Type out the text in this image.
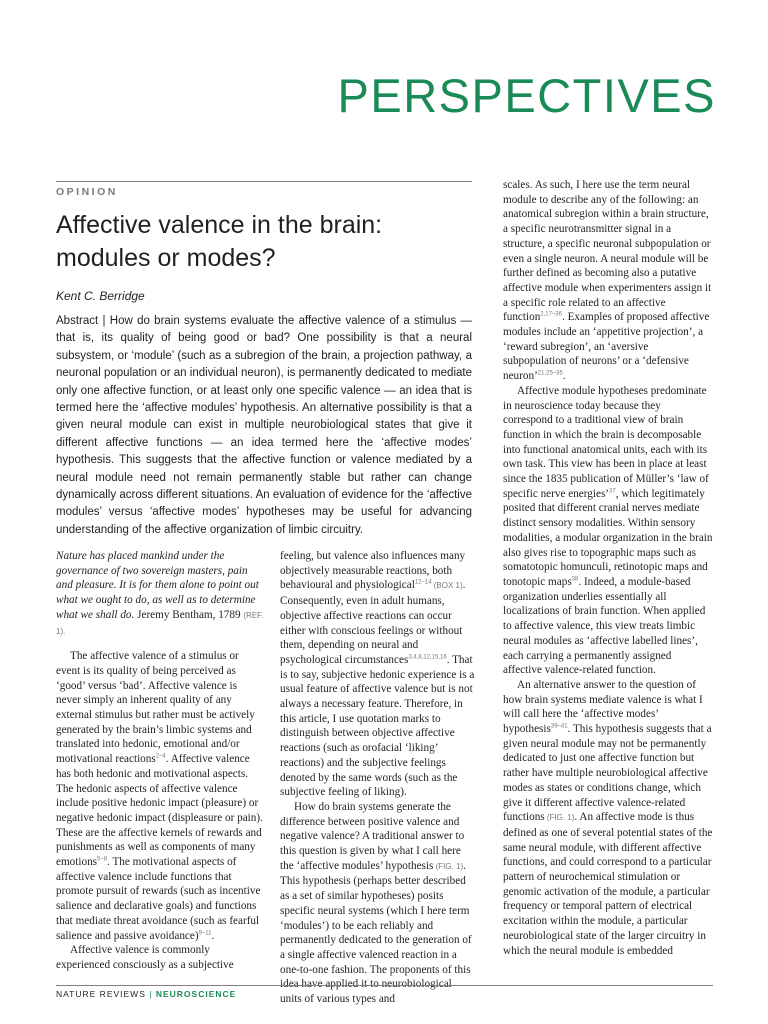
PERSPECTIVES
OPINION
Affective valence in the brain:
modules or modes?
Kent C. Berridge

Abstract | How do brain systems evaluate the affective valence of a stimulus — that is, its quality of being good or bad? One possibility is that a neural subsystem, or ‘module’ (such as a subregion of the brain, a projection pathway, a neuronal population or an individual neuron), is permanently dedicated to mediate only one affective function, or at least only one specific valence — an idea that is termed here the ‘affective modules’ hypothesis. An alternative possibility is that a given neural module can exist in multiple neurobiological states that give it different affective functions — an idea termed here the ‘affective modes’ hypothesis. This suggests that the affective function or valence mediated by a neural module need not remain permanently stable but rather can change dynamically across different situations. An evaluation of evidence for the ‘affective modules’ versus ‘affective modes’ hypotheses may be useful for advancing understanding of the affective organization of limbic circuitry.

Nature has placed mankind under the governance of two sovereign masters, pain and pleasure. It is for them alone to point out what we ought to do, as well as to determine what we shall do. Jeremy Bentham, 1789 (REF. 1).

The affective valence of a stimulus or event is its quality of being perceived as ‘good’ versus ‘bad’. Affective valence is never simply an inherent quality of any external stimulus but rather must be actively generated by the brain’s limbic systems and translated into hedonic, emotional and/or motivational reactions$^{2-4}$. Affective valence has both hedonic and motivational aspects. The hedonic aspects of affective valence include positive hedonic impact (pleasure) or negative hedonic impact (displeasure or pain). These are the affective kernels of rewards and punishments as well as components of many emotions$^{5-8}$. The motivational aspects of affective valence include functions that promote pursuit of rewards (such as incentive salience and declarative goals) and functions that mediate threat avoidance (such as fearful salience and passive avoidance)$^{9-11}$.

Affective valence is commonly experienced consciously as a subjective

feeling, but valence also influences many objectively measurable reactions, both behavioural and physiological$^{12-14}$ (BOX 1). Consequently, even in adult humans, objective affective reactions can occur either with conscious feelings or without them, depending on neural and psychological circumstances$^{3,4,8,12,15,16}$. That is to say, subjective hedonic experience is a usual feature of affective valence but is not always a necessary feature. Therefore, in this article, I use quotation marks to distinguish between objective affective reactions (such as orofacial ‘liking’ reactions) and the subjective feelings denoted by the same words (such as the subjective feeling of liking).

How do brain systems generate the difference between positive valence and negative valence? A traditional answer to this question is given by what I call here the ‘affective modules’ hypothesis (FIG. 1). This hypothesis (perhaps better described as a set of similar hypotheses) posits specific neural systems (which I here term ‘modules’) to be each reliably and permanently dedicated to the generation of a single affective valenced reaction in a one-to-one fashion. The proponents of this idea have applied it to neurobiological units of various types and

scales. As such, I here use the term neural module to describe any of the following: an anatomical subregion within a brain structure, a specific neurotransmitter signal in a structure, a specific neuronal subpopulation or even a single neuron. A neural module will be further defined as becoming also a putative affective module when experimenters assign it a specific role related to an affective function$^{2,17-36}$. Examples of proposed affective modules include an ‘appetitive projection’, a ‘reward subregion’, an ‘aversive subpopulation of neurons’ or a ‘defensive neuron’$^{21,25-35}$.

Affective module hypotheses predominate in neuroscience today because they correspond to a traditional view of brain function in which the brain is decomposable into functional anatomical units, each with its own task. This view has been in place at least since the 1835 publication of Müller’s ‘law of specific nerve energies’$^{37}$, which legitimately posited that different cranial nerves mediate distinct sensory modalities. Within sensory modalities, a modular organization in the brain also gives rise to topographic maps such as somatotopic homunculi, retinotopic maps and tonotopic maps$^{38}$. Indeed, a module-based organization underlies essentially all localizations of brain function. When applied to affective valence, this view treats limbic neural modules as ‘affective labelled lines’, each carrying a permanently assigned affective valence-related function.

An alternative answer to the question of how brain systems mediate valence is what I will call here the ‘affective modes’ hypothesis$^{39-41}$. This hypothesis suggests that a given neural module may not be permanently dedicated to just one affective function but rather have multiple neurobiological affective modes as states or conditions change, which give it different affective valence-related functions (FIG. 1). An affective mode is thus defined as one of several potential states of the same neural module, with different affective functions, and could correspond to a particular pattern of neurochemical stimulation or genomic activation of the module, a particular frequency or temporal pattern of electrical excitation within the module, a particular neurobiological state of the larger circuitry in which the neural module is embedded

NATURE REVIEWS | NEUROSCIENCE
